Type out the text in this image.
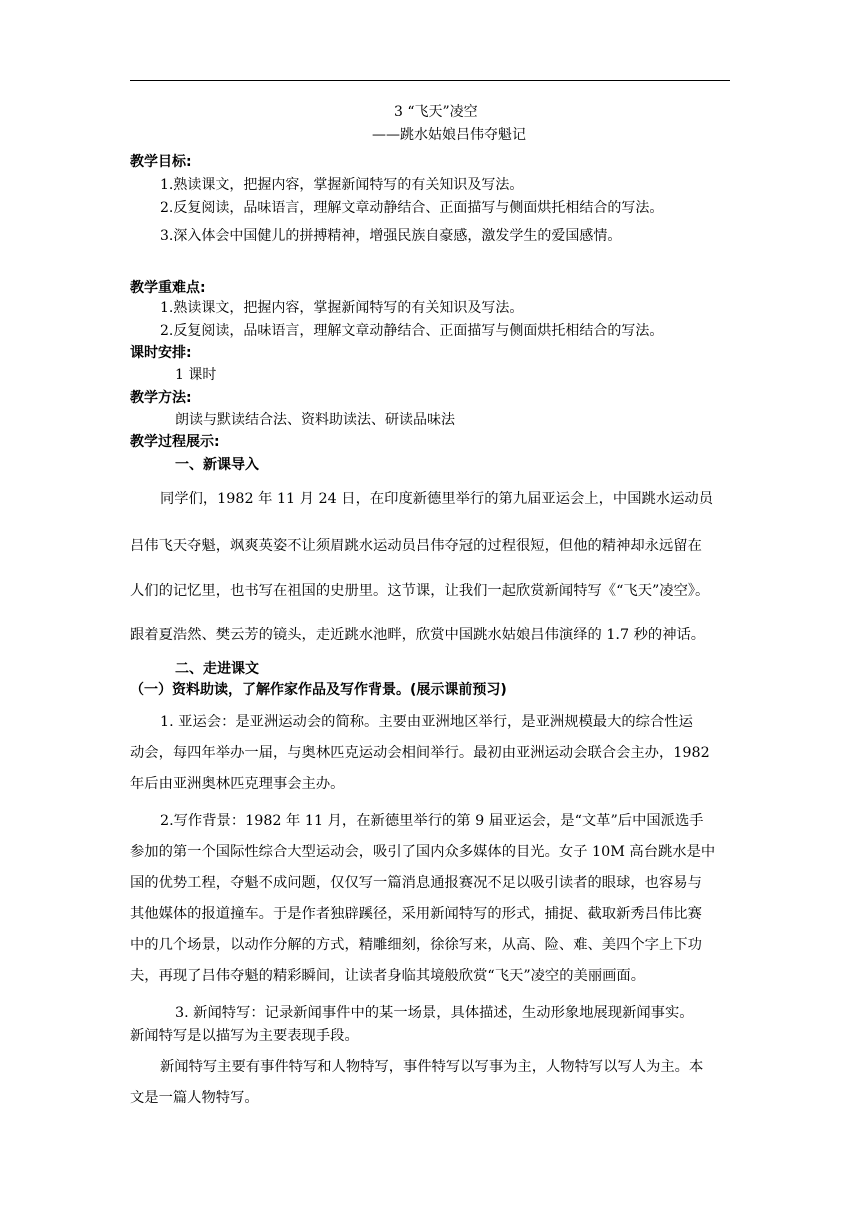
3 “飞天”凌空
——跳水姑娘吕伟夺魁记
教学目标:
1.熟读课文，把握内容，掌握新闻特写的有关知识及写法。
2.反复阅读，品味语言，理解文章动静结合、正面描写与侧面烘托相结合的写法。
3.深入体会中国健儿的拼搏精神，增强民族自豪感，激发学生的爱国感情。
教学重难点:
1.熟读课文，把握内容，掌握新闻特写的有关知识及写法。
2.反复阅读，品味语言，理解文章动静结合、正面描写与侧面烘托相结合的写法。
课时安排:
1 课时
教学方法:
朗读与默读结合法、资料助读法、研读品味法
教学过程展示:
一、新课导入
同学们，1982 年 11 月 24 日，在印度新德里举行的第九届亚运会上，中国跳水运动员
吕伟飞天夺魁，飒爽英姿不让须眉跳水运动员吕伟夺冠的过程很短，但他的精神却永远留在
人们的记忆里，也书写在祖国的史册里。这节课，让我们一起欣赏新闻特写《“飞天”凌空》。
跟着夏浩然、樊云芳的镜头，走近跳水池畔，欣赏中国跳水姑娘吕伟演绎的 1.7 秒的神话。
二、走进课文
（一）资料助读，了解作家作品及写作背景。(展示课前预习)
1. 亚运会：是亚洲运动会的简称。主要由亚洲地区举行，是亚洲规模最大的综合性运
动会，每四年举办一届，与奥林匹克运动会相间举行。最初由亚洲运动会联合会主办，1982
年后由亚洲奥林匹克理事会主办。
2.写作背景：1982 年 11 月，在新德里举行的第 9 届亚运会，是“文革”后中国派选手
参加的第一个国际性综合大型运动会，吸引了国内众多媒体的目光。女子 10M 高台跳水是中
国的优势工程，夺魁不成问题，仅仅写一篇消息通报赛况不足以吸引读者的眼球，也容易与
其他媒体的报道撞车。于是作者独辟蹊径，采用新闻特写的形式，捕捉、截取新秀吕伟比赛
中的几个场景，以动作分解的方式，精雕细刻，徐徐写来，从高、险、难、美四个字上下功
夫，再现了吕伟夺魁的精彩瞬间，让读者身临其境般欣赏“飞天”凌空的美丽画面。
3. 新闻特写：记录新闻事件中的某一场景，具体描述，生动形象地展现新闻事实。
新闻特写是以描写为主要表现手段。
新闻特写主要有事件特写和人物特写，事件特写以写事为主，人物特写以写人为主。本
文是一篇人物特写。
